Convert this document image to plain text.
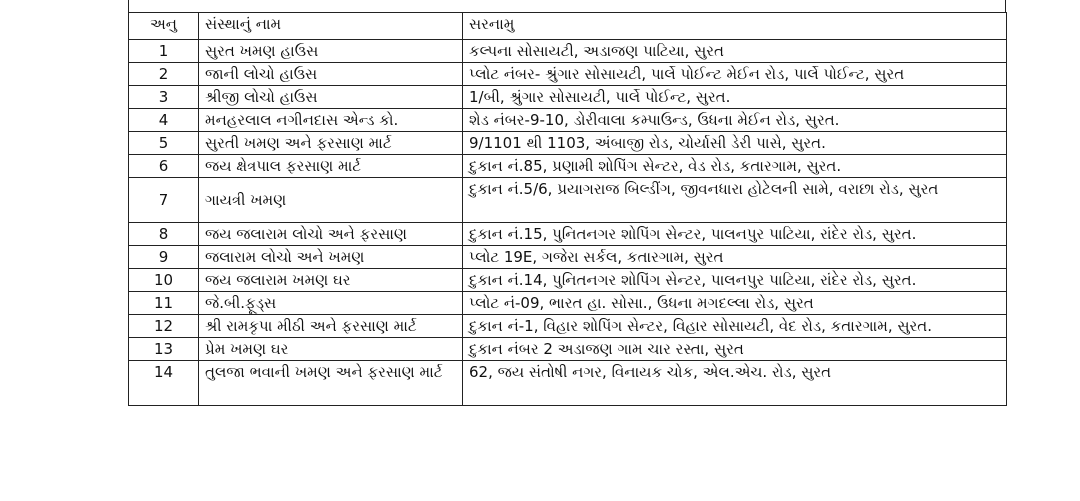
અનુ	સંસ્થાનું નામ	સરનામુ
1	સુરત ખમણ હાઉસ	કલ્પના સોસાયટી, અડાજણ પાટિયા, સુરત
2	જાની લોચો હાઉસ	પ્લોટ નંબર- શ્રુંગાર સોસાયટી, પાર્લે પોઈન્ટ મેઈન રોડ, પાર્લે પોઈન્ટ, સુરત
3	શ્રીજી લોચો હાઉસ	1/બી, શ્રુંગાર સોસાયટી, પાર્લે પોઈન્ટ, સુરત.
4	મનહરલાલ નગીનદાસ એન્ડ કો.	શેડ નંબર-9-10, ડોરીવાલા કમ્પાઉન્ડ, ઉધના મેઈન રોડ, સુરત.
5	સુરતી ખમણ અને ફરસાણ માર્ટ	9/1101 થી 1103, અંબાજી રોડ, ચોર્યાસી ડેરી પાસે, સુરત.
6	જય ક્ષેત્રપાલ ફરસાણ માર્ટ	દુકાન નં.85, પ્રણામી શોપિંગ સેન્ટર, વેડ રોડ, કતારગામ, સુરત.
7	ગાયત્રી ખમણ	દુકાન નં.5/6, પ્રયાગરાજ બિલ્ડીંગ, જીવનધારા હોટેલની સામે, વરાછા રોડ, સુરત
8	જય જલારામ લોચો અને ફરસાણ	દુકાન નં.15, પુનિતનગર શોપિંગ સેન્ટર, પાલનપુર પાટિયા, રાંદેર રોડ, સુરત.
9	જલારામ લોચો અને ખમણ	પ્લોટ 19E, ગજેરા સર્કલ, કતારગામ, સુરત
10	જય જલારામ ખમણ ઘર	દુકાન નં.14, પુનિતનગર શોપિંગ સેન્ટર, પાલનપુર પાટિયા, રાંદેર રોડ, સુરત.
11	જે.બી.ફૂડ્સ	પ્લોટ નં-09, ભારત હા. સોસા., ઉધના મગદલ્લા રોડ, સુરત
12	શ્રી રામકૃપા મીઠી અને ફરસાણ માર્ટ	દુકાન નં-1, વિહાર શોપિંગ સેન્ટર, વિહાર સોસાયટી, વેદ રોડ, કતારગામ, સુરત.
13	પ્રેમ ખમણ ઘર	દુકાન નંબર 2 અડાજણ ગામ ચાર રસ્તા, સુરત
14	તુલજા ભવાની ખમણ અને ફરસાણ માર્ટ	62, જય સંતોષી નગર, વિનાયક ચોક, એલ.એચ. રોડ, સુરત
